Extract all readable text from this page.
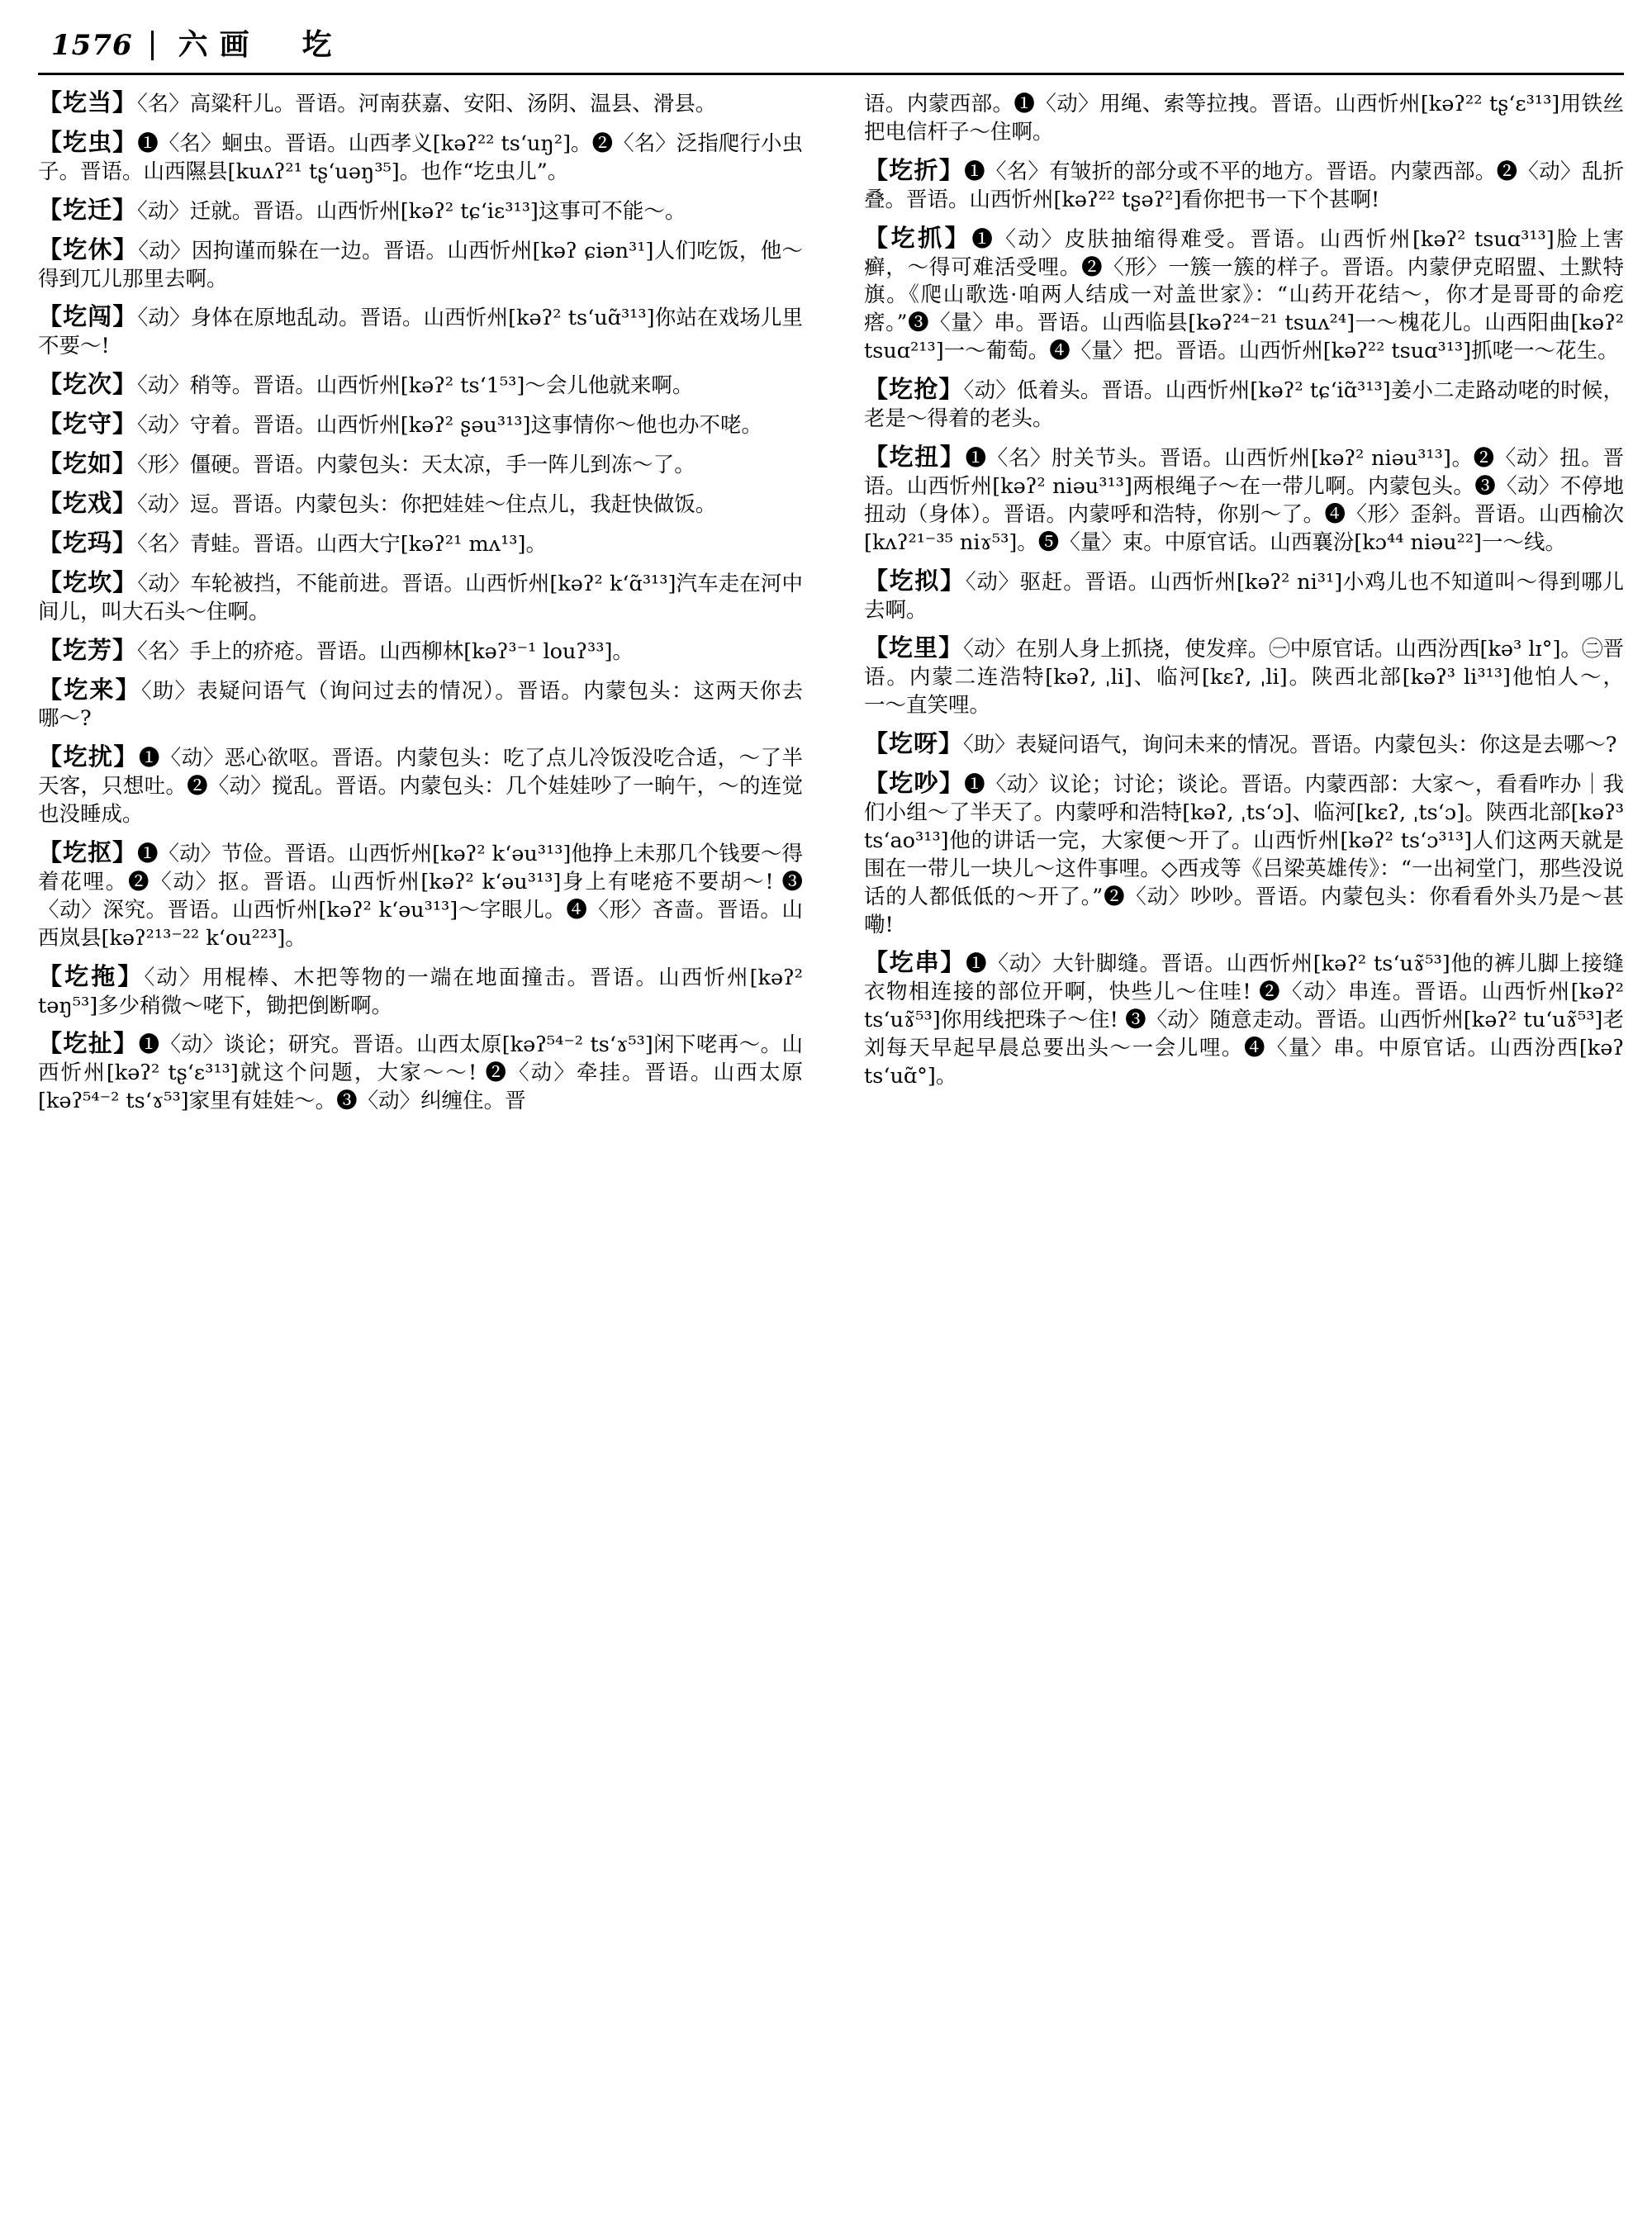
1576 六画　圪
【圪当】〈名〉高粱秆儿。晋语。河南获嘉、安阳、汤阴、温县、滑县。
【圪虫】❶〈名〉蛔虫。晋语。山西孝义[kəʔ²² tsʻuŋ²]。❷〈名〉泛指爬行小虫子。晋语。山西隰县[kuʌʔ²¹ tʂʻuəŋ³⁵]。也作“圪虫儿”。
【圪迁】〈动〉迁就。晋语。山西忻州[kəʔ² tɕʻiɛ³¹³]这事可不能〜。
【圪休】〈动〉因拘谨而躲在一边。晋语。山西忻州[kəʔ ɕiən³¹]人们吃饭，他〜得到兀儿那里去啊。
【圪闯】〈动〉身体在原地乱动。晋语。山西忻州[kəʔ² tsʻuɑ̃³¹³]你站在戏场儿里不要〜!
【圪次】〈动〉稍等。晋语。山西忻州[kəʔ² tsʻ1⁵³]〜会儿他就来啊。
【圪守】〈动〉守着。晋语。山西忻州[kəʔ² ʂəu³¹³]这事情你〜他也办不咾。
【圪如】〈形〉僵硬。晋语。内蒙包头：天太凉，手一阵儿到冻〜了。
【圪戏】〈动〉逗。晋语。内蒙包头：你把娃娃〜住点儿，我赶快做饭。
【圪玛】〈名〉青蛙。晋语。山西大宁[kəʔ²¹ mʌ¹³]。
【圪坎】〈动〉车轮被挡，不能前进。晋语。山西忻州[kəʔ² kʻɑ̃³¹³]汽车走在河中间儿，叫大石头〜住啊。
【圪芳】〈名〉手上的疥疮。晋语。山西柳林[kəʔ³⁻¹ louʔ³³]。
【圪来】〈助〉表疑问语气（询问过去的情况）。晋语。内蒙包头：这两天你去哪〜?
【圪扰】❶〈动〉恶心欲呕。晋语。内蒙包头：吃了点儿冷饭没吃合适，〜了半天客，只想吐。❷〈动〉搅乱。晋语。内蒙包头：几个娃娃吵了一晌午，〜的连觉也没睡成。
【圪抠】❶〈动〉节俭。晋语。山西忻州[kəʔ² kʻəu³¹³]他挣上未那几个钱要〜得着花哩。❷〈动〉抠。晋语。山西忻州[kəʔ² kʻəu³¹³]身上有咾疮不要胡〜! ❸〈动〉深究。晋语。山西忻州[kəʔ² kʻəu³¹³]〜字眼儿。❹〈形〉吝啬。晋语。山西岚县[kəʔ²¹³⁻²² kʻou²²³]。
【圪拖】〈动〉用棍棒、木把等物的一端在地面撞击。晋语。山西忻州[kəʔ² təŋ⁵³]多少稍微〜咾下，锄把倒断啊。
【圪扯】❶〈动〉谈论；研究。晋语。山西太原[kəʔ⁵⁴⁻² tsʻɤ⁵³]闲下咾再〜。山西忻州[kəʔ² tʂʻɛ³¹³]就这个问题，大家〜〜! ❷〈动〉牵挂。晋语。山西太原[kəʔ⁵⁴⁻² tsʻɤ⁵³]家里有娃娃〜。❸〈动〉纠缠住。晋
语。内蒙西部。❶〈动〉用绳、索等拉拽。晋语。山西忻州[kəʔ²² tʂʻɛ³¹³]用铁丝把电信杆子〜住啊。
【圪折】❶〈名〉有皱折的部分或不平的地方。晋语。内蒙西部。❷〈动〉乱折叠。晋语。山西忻州[kəʔ²² tʂəʔ²]看你把书一下个甚啊!
【圪抓】❶〈动〉皮肤抽缩得难受。晋语。山西忻州[kəʔ² tsuɑ³¹³]脸上害癣，〜得可难活受哩。❷〈形〉一簇一簇的样子。晋语。内蒙伊克昭盟、土默特旗。《爬山歌选·咱两人结成一对盖世家》：“山药开花结〜，你才是哥哥的命疙瘩。”❸〈量〉串。晋语。山西临县[kəʔ²⁴⁻²¹ tsuʌ²⁴]一〜槐花儿。山西阳曲[kəʔ² tsuɑ²¹³]一〜葡萄。❹〈量〉把。晋语。山西忻州[kəʔ²² tsuɑ³¹³]抓咾一〜花生。
【圪抢】〈动〉低着头。晋语。山西忻州[kəʔ² tɕʻiɑ̃³¹³]姜小二走路动咾的时候，老是〜得着的老头。
【圪扭】❶〈名〉肘关节头。晋语。山西忻州[kəʔ² niəu³¹³]。❷〈动〉扭。晋语。山西忻州[kəʔ² niəu³¹³]两根绳子〜在一带儿啊。内蒙包头。❸〈动〉不停地扭动（身体）。晋语。内蒙呼和浩特，你别〜了。❹〈形〉歪斜。晋语。山西榆次[kʌʔ²¹⁻³⁵ niɤ⁵³]。❺〈量〉束。中原官话。山西襄汾[kɔ⁴⁴ niəu²²]一〜线。
【圪拟】〈动〉驱赶。晋语。山西忻州[kəʔ² ni³¹]小鸡儿也不知道叫〜得到哪儿去啊。
【圪里】〈动〉在别人身上抓挠，使发痒。㊀中原官话。山西汾西[kə³ lɪ°]。㊁晋语。内蒙二连浩特[kəʔ, ˌli]、临河[kɛʔ, ˌli]。陕西北部[kəʔ³ li³¹³]他怕人〜，一〜直笑哩。
【圪呀】〈助〉表疑问语气，询问未来的情况。晋语。内蒙包头：你这是去哪〜?
【圪吵】❶〈动〉议论；讨论；谈论。晋语。内蒙西部：大家〜，看看咋办｜我们小组〜了半天了。内蒙呼和浩特[kəʔ, ˌtsʻɔ]、临河[kɛʔ, ˌtsʻɔ]。陕西北部[kəʔ³ tsʻao³¹³]他的讲话一完，大家便〜开了。山西忻州[kəʔ² tsʻɔ³¹³]人们这两天就是围在一带儿一块儿〜这件事哩。◇西戎等《吕梁英雄传》：“一出祠堂门，那些没说话的人都低低的〜开了。”❷〈动〉吵吵。晋语。内蒙包头：你看看外头乃是〜甚嘞!
【圪串】❶〈动〉大针脚缝。晋语。山西忻州[kəʔ² tsʻuɤ̃⁵³]他的裤儿脚上接缝衣物相连接的部位开啊，快些儿〜住哇! ❷〈动〉串连。晋语。山西忻州[kəʔ² tsʻuɤ̃⁵³]你用线把珠子〜住! ❸〈动〉随意走动。晋语。山西忻州[kəʔ² tuʻuɤ̃⁵³]老刘每天早起早晨总要出头〜一会儿哩。❹〈量〉串。中原官话。山西汾西[kəʔ tsʻuɑ̃°]。
